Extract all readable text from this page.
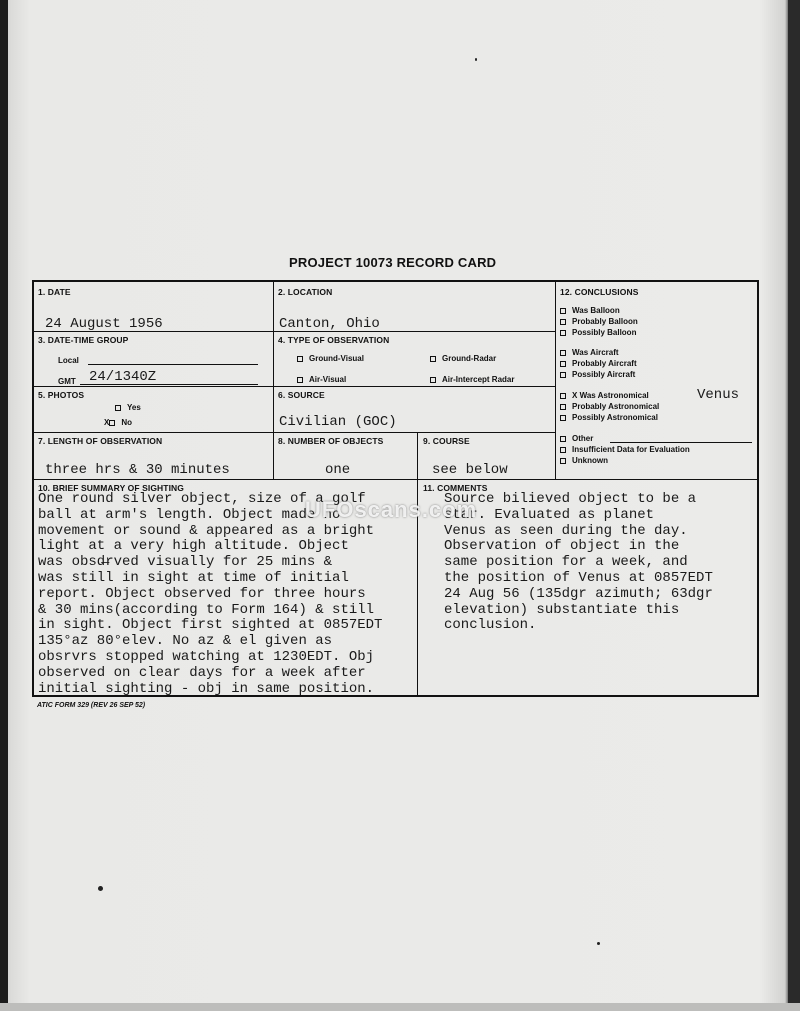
PROJECT 10073 RECORD CARD
1. DATE
24 August 1956
2. LOCATION
Canton, Ohio
3. DATE-TIME GROUP
Local
GMT 24/1340Z
4. TYPE OF OBSERVATION
Ground-Visual	Ground-Radar
Air-Visual	Air-Intercept Radar
5. PHOTOS
Yes
X No
6. SOURCE
Civilian (GOC)
7. LENGTH OF OBSERVATION
three hrs & 30 minutes
8. NUMBER OF OBJECTS
one
9. COURSE
see below
10. BRIEF SUMMARY OF SIGHTING
One round silver object, size of a golf
ball at arm's length. Object made no
movement or sound & appeared as a bright
light at a very high altitude. Object
was obsd̶rved visually for 25 mins &
was still in sight at time of initial
report. Object observed for three hours
& 30 mins(according to Form 164) & still
in sight. Object first sighted at 0857EDT
135°az 80°elev. No az & el given as
obsrvrs stopped watching at 1230EDT. Obj
observed on clear days for a week after
initial sighting - obj in same position.
11. COMMENTS
Source bilieved object to be a
star. Evaluated as planet
Venus as seen during the day.
Observation of object in the
same position for a week, and
the position of Venus at 0857EDT
24 Aug 56 (135dgr azimuth; 63dgr
elevation) substantiate this
conclusion.
12. CONCLUSIONS
Was Balloon
Probably Balloon
Possibly Balloon
Was Aircraft
Probably Aircraft
Possibly Aircraft
X Was Astronomical	Venus
Probably Astronomical
Possibly Astronomical
Other
Insufficient Data for Evaluation
Unknown
UFOscans.com
ATIC FORM 329 (REV 26 SEP 52)
